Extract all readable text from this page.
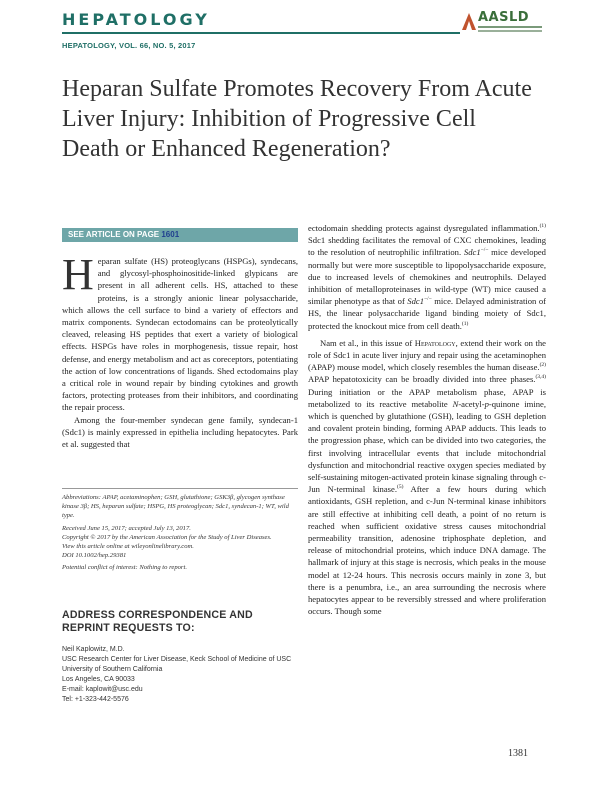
HEPATOLOGY	AASLD
HEPATOLOGY, VOL. 66, NO. 5, 2017
Heparan Sulfate Promotes Recovery From Acute Liver Injury: Inhibition of Progressive Cell Death or Enhanced Regeneration?
SEE ARTICLE ON PAGE 1601

Heparan sulfate (HS) proteoglycans (HSPGs), syndecans, and glycosyl-phosphoinositide-linked glypicans are present in all adherent cells. HS, attached to these proteins, is a strongly anionic linear polysaccharide, which allows the cell surface to bind a variety of effectors and matrix components. Syndecan ectodomains can be proteolytically cleaved, releasing HS peptides that exert a variety of biological effects. HSPGs have roles in morphogenesis, tissue repair, host defense, and energy metabolism and act as coreceptors, potentiating the action of low concentrations of ligands. Shed ectodomains play a critical role in wound repair by binding cytokines and growth factors, protecting proteases from their inhibitors, and coordinating the repair process.

Among the four-member syndecan gene family, syndecan-1 (Sdc1) is mainly expressed in epithelia including hepatocytes. Park et al. suggested that

Abbreviations: APAP, acetaminophen; GSH, glutathione; GSK3β, glycogen synthase kinase 3β; HS, heparan sulfate; HSPG, HS proteoglycan; Sdc1, syndecan-1; WT, wild type.

Received June 15, 2017; accepted July 13, 2017.

Copyright © 2017 by the American Association for the Study of Liver Diseases.

View this article online at wileyonlinelibrary.com.

DOI 10.1002/hep.29381

Potential conflict of interest: Nothing to report.

ADDRESS CORRESPONDENCE AND REPRINT REQUESTS TO:
Neil Kaplowitz, M.D.
USC Research Center for Liver Disease, Keck School of Medicine of USC
University of Southern California
Los Angeles, CA 90033
E-mail: kaplowit@usc.edu
Tel: +1-323-442-5576

ectodomain shedding protects against dysregulated inflammation.$^{(1)}$ Sdc1 shedding facilitates the removal of CXC chemokines, leading to the resolution of neutrophilic infiltration. Sdc1−/− mice developed normally but were more susceptible to lipopolysaccharide exposure, due to increased levels of chemokines and neutrophils. Delayed inhibition of metalloproteinases in wild-type (WT) mice caused a similar phenotype as that of Sdc1−/− mice. Delayed administration of HS, the linear polysaccharide ligand binding moiety of Sdc1, protected the knockout mice from cell death.$^{(1)}$

Nam et al., in this issue of Hepatology, extend their work on the role of Sdc1 in acute liver injury and repair using the acetaminophen (APAP) mouse model, which closely resembles the human disease.$^{(2)}$ APAP hepatotoxicity can be broadly divided into three phases.$^{(3,4)}$ During initiation or the APAP metabolism phase, APAP is metabolized to its reactive metabolite N-acetyl-p-quinone imine, which is quenched by glutathione (GSH), leading to GSH depletion and covalent protein binding, forming APAP adducts. This leads to the progression phase, which can be divided into two categories, the first involving intracellular events that include mitochondrial dysfunction and mitochondrial reactive oxygen species mediated by self-sustaining mitogen-activated protein kinase signaling through c-Jun N-terminal kinase.$^{(5)}$ After a few hours during which antioxidants, GSH repletion, and c-Jun N-terminal kinase inhibitors are still effective at inhibiting cell death, a point of no return is reached when sufficient oxidative stress causes mitochondrial permeability transition, adenosine triphosphate depletion, and release of mitochondrial proteins, which induce DNA damage. The hallmark of injury at this stage is necrosis, which peaks in the mouse model at 12-24 hours. This necrosis occurs mainly in zone 3, but there is a penumbra, i.e., an area surrounding the necrosis where hepatocytes appear to be reversibly stressed and where proliferation occurs. Though some

1381
